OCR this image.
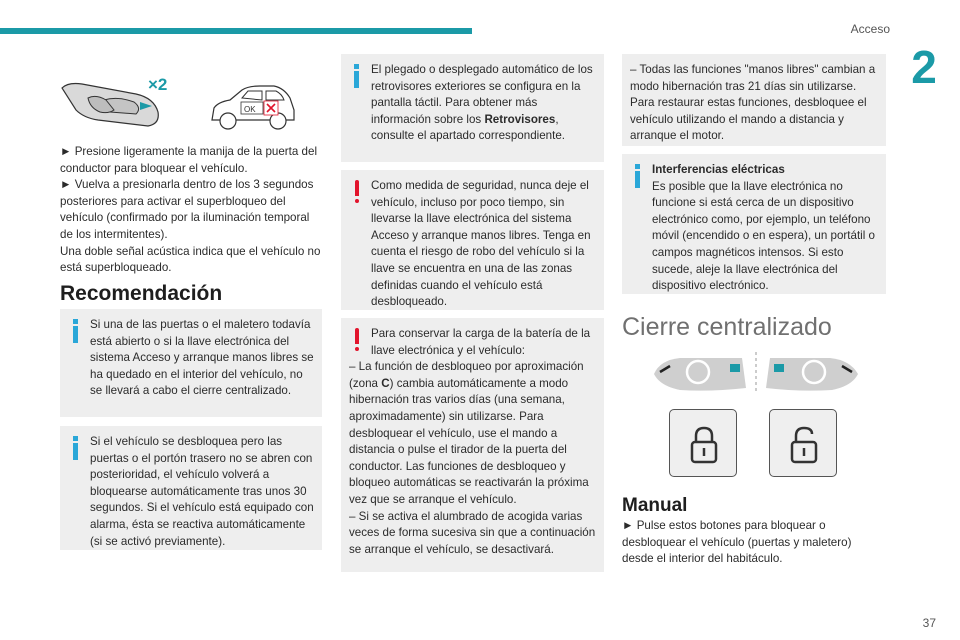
Acceso
2
37
×2
OK

► Presione ligeramente la manija de la puerta del conductor para bloquear el vehículo.

► Vuelva a presionarla dentro de los 3 segundos posteriores para activar el superbloqueo del vehículo (confirmado por la iluminación temporal de los intermitentes).

Una doble señal acústica indica que el vehículo no está superbloqueado.

Recomendación
Si una de las puertas o el maletero todavía está abierto o si la llave electrónica del sistema Acceso y arranque manos libres se ha quedado en el interior del vehículo, no se llevará a cabo el cierre centralizado.
Si el vehículo se desbloquea pero las puertas o el portón trasero no se abren con posterioridad, el vehículo volverá a bloquearse automáticamente tras unos 30 segundos. Si el vehículo está equipado con alarma, ésta se reactiva automáticamente (si se activó previamente).
El plegado o desplegado automático de los retrovisores exteriores se configura en la pantalla táctil. Para obtener más información sobre los Retrovisores, consulte el apartado correspondiente.
Como medida de seguridad, nunca deje el vehículo, incluso por poco tiempo, sin llevarse la llave electrónica del sistema Acceso y arranque manos libres. Tenga en cuenta el riesgo de robo del vehículo si la llave se encuentra en una de las zonas definidas cuando el vehículo está desbloqueado.
Para conservar la carga de la batería de la llave electrónica y el vehículo:
– La función de desbloqueo por aproximación (zona C) cambia automáticamente a modo hibernación tras varios días (una semana, aproximadamente) sin utilizarse. Para desbloquear el vehículo, use el mando a distancia o pulse el tirador de la puerta del conductor. Las funciones de desbloqueo y bloqueo automáticas se reactivarán la próxima vez que se arranque el vehículo.
– Si se activa el alumbrado de acogida varias veces de forma sucesiva sin que a continuación se arranque el vehículo, se desactivará.
– Todas las funciones "manos libres" cambian a modo hibernación tras 21 días sin utilizarse. Para restaurar estas funciones, desbloquee el vehículo utilizando el mando a distancia y arranque el motor.
Interferencias eléctricas
Es posible que la llave electrónica no funcione si está cerca de un dispositivo electrónico como, por ejemplo, un teléfono móvil (encendido o en espera), un portátil o campos magnéticos intensos. Si esto sucede, aleje la llave electrónica del dispositivo electrónico.
Cierre centralizado
Manual
► Pulse estos botones para bloquear o desbloquear el vehículo (puertas y maletero) desde el interior del habitáculo.
